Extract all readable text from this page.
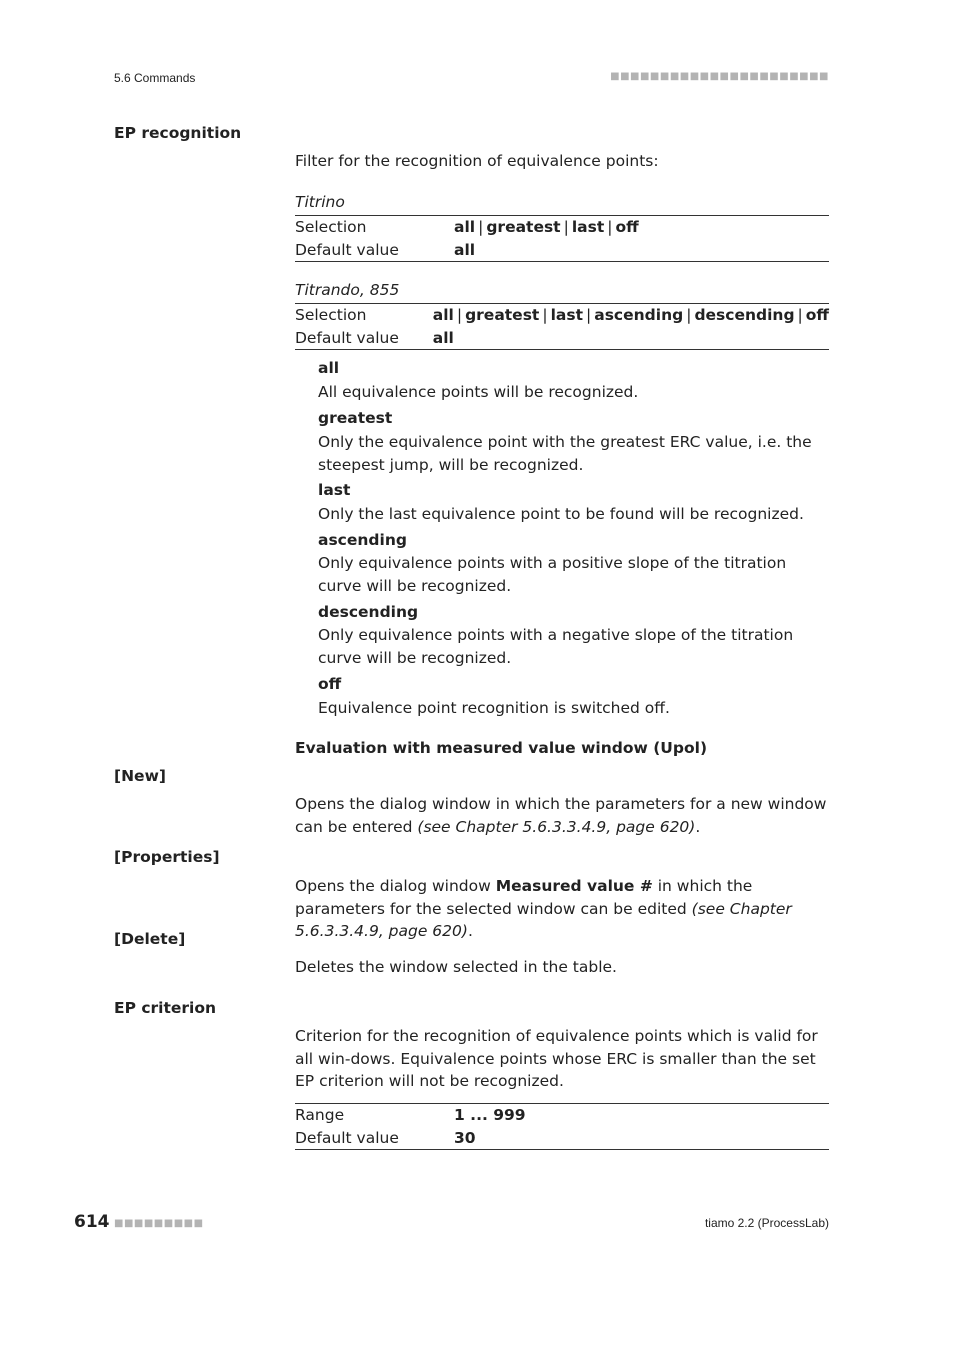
5.6 Commands	■■■■■■■■■■■■■■■■■■■■■■
EP recognition
Filter for the recognition of equivalence points:
Titrino
Selection	all | greatest | last | off
Default value	all
Titrando, 855
Selection	all | greatest | last | ascending | descending | off
Default value	all
all
All equivalence points will be recognized.
greatest
Only the equivalence point with the greatest ERC value, i.e. the steepest jump, will be recognized.
last
Only the last equivalence point to be found will be recognized.
ascending
Only equivalence points with a positive slope of the titration curve will be recognized.
descending
Only equivalence points with a negative slope of the titration curve will be recognized.
off
Equivalence point recognition is switched off.
Evaluation with measured value window (Upol)
[New]
Opens the dialog window in which the parameters for a new window can be entered (see Chapter 5.6.3.3.4.9, page 620).
[Properties]
Opens the dialog window Measured value # in which the parameters for the selected window can be edited (see Chapter 5.6.3.3.4.9, page 620).
[Delete]
Deletes the window selected in the table.
EP criterion
Criterion for the recognition of equivalence points which is valid for all win-dows. Equivalence points whose ERC is smaller than the set EP criterion will not be recognized.
Range	1 ... 999
Default value	30
614 ■■■■■■■■■	tiamo 2.2 (ProcessLab)
